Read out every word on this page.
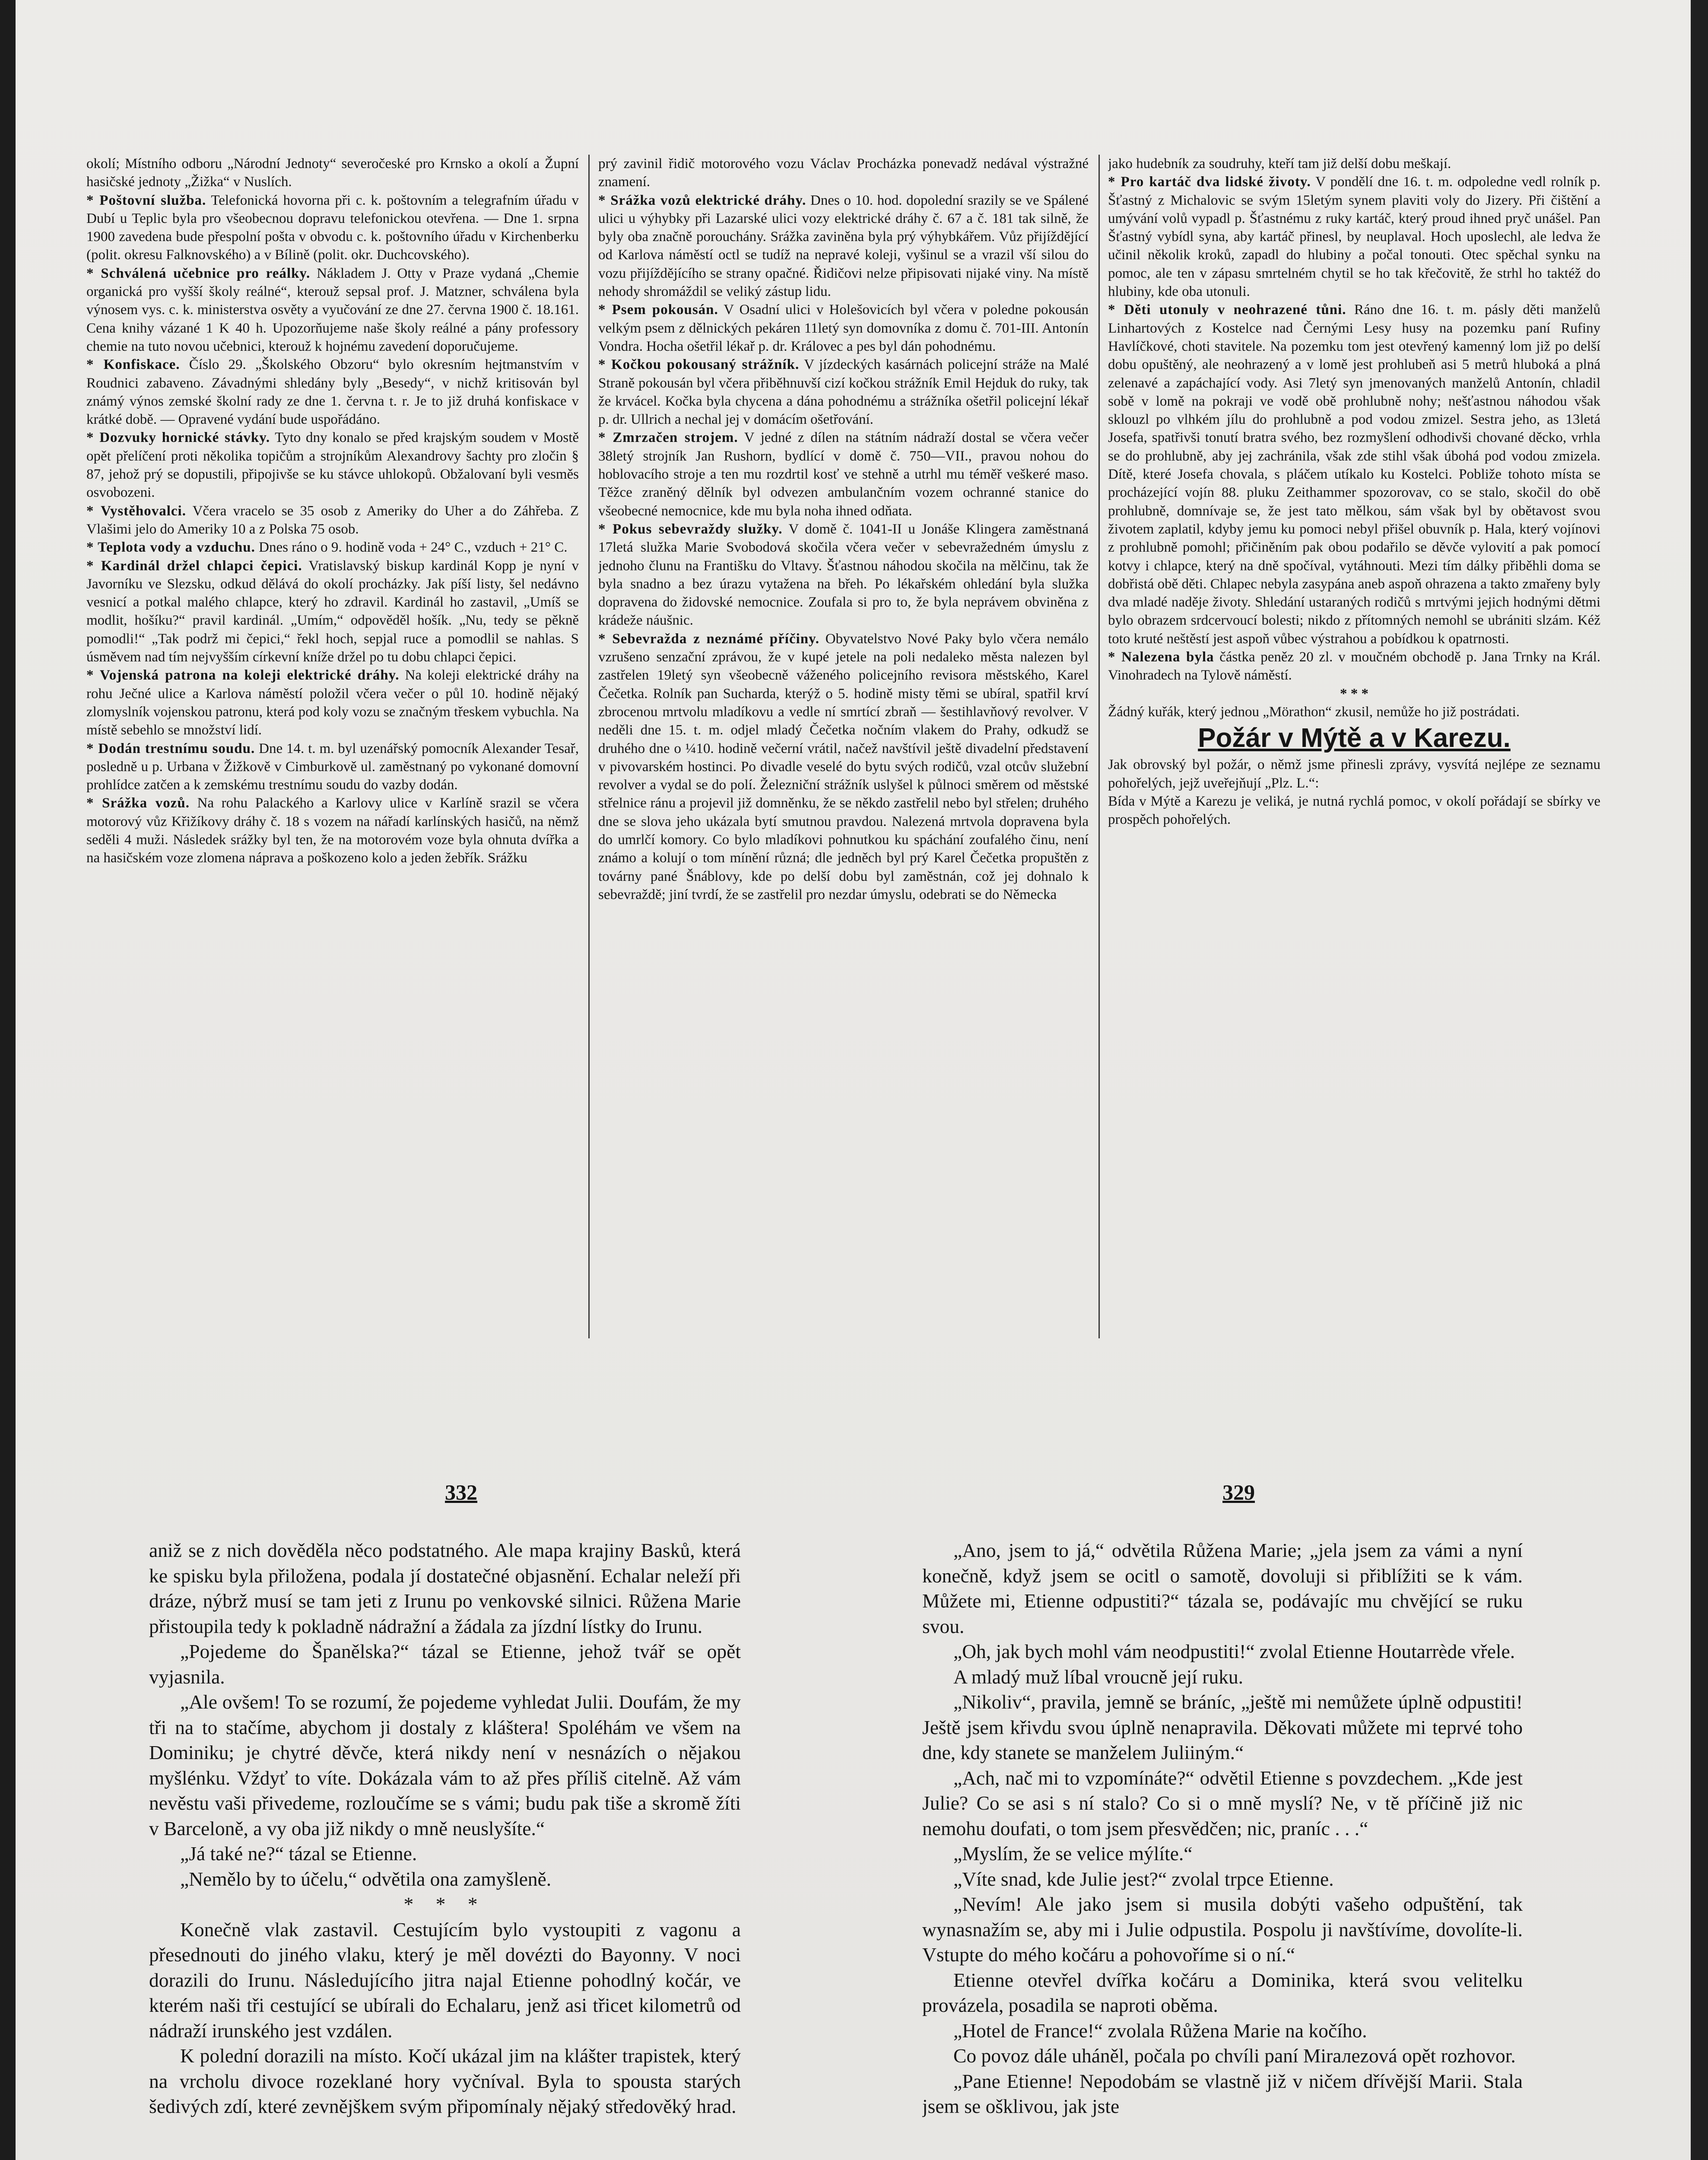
okolí; Místního odboru „Národní Jednoty“ severočeské pro Krnsko a okolí a Župní hasičské jednoty „Žižka“ v Nuslích.

* Poštovní služba. Telefonická hovorna při c. k. poštovním a telegrafním úřadu v Dubí u Teplic byla pro všeobecnou dopravu telefonickou otevřena. — Dne 1. srpna 1900 zavedena bude přespolní pošta v obvodu c. k. poštovního úřadu v Kirchenberku (polit. okresu Falknovského) a v Bílině (polit. okr. Duchcovského).

* Schválená učebnice pro reálky. Nákladem J. Otty v Praze vydaná „Chemie organická pro vyšší školy reálné“, kterouž sepsal prof. J. Matzner, schválena byla výnosem vys. c. k. ministerstva osvěty a vyučování ze dne 27. června 1900 č. 18.161. Cena knihy vázané 1 K 40 h. Upozorňujeme naše školy reálné a pány professory chemie na tuto novou učebnici, kterouž k hojnému zavedení doporučujeme.

* Konfiskace. Číslo 29. „Školského Obzoru“ bylo okresním hejtmanstvím v Roudnici zabaveno. Závadnými shledány byly „Besedy“, v nichž kritisován byl známý výnos zemské školní rady ze dne 1. června t. r. Je to již druhá konfiskace v krátké době. — Opravené vydání bude uspořádáno.

* Dozvuky hornické stávky. Tyto dny konalo se před krajským soudem v Mostě opět přelíčení proti několika topičům a strojníkům Alexandrovy šachty pro zločin § 87, jehož prý se dopustili, připojivše se ku stávce uhlokopů. Obžalovaní byli vesměs osvobozeni.

* Vystěhovalci. Včera vracelo se 35 osob z Ameriky do Uher a do Záhřeba. Z Vlašimi jelo do Ameriky 10 a z Polska 75 osob.

* Teplota vody a vzduchu. Dnes ráno o 9. hodině voda + 24° C., vzduch + 21° C.

* Kardinál držel chlapci čepici. Vratislavský biskup kardinál Kopp je nyní v Javorníku ve Slezsku, odkud dělává do okolí procházky. Jak píší listy, šel nedávno vesnicí a potkal malého chlapce, který ho zdravil. Kardinál ho zastavil, „Umíš se modlit, hošíku?“ pravil kardinál. „Umím,“ odpověděl hošík. „Nu, tedy se pěkně pomodli!“ „Tak podrž mi čepici,“ řekl hoch, sepjal ruce a pomodlil se nahlas. S úsměvem nad tím nejvyšším církevní kníže držel po tu dobu chlapci čepici.

* Vojenská patrona na koleji elektrické dráhy. Na koleji elektrické dráhy na rohu Ječné ulice a Karlova náměstí položil včera večer o půl 10. hodině nějaký zlomyslník vojenskou patronu, která pod koly vozu se značným třeskem vybuchla. Na místě sebehlo se množství lidí.

* Dodán trestnímu soudu. Dne 14. t. m. byl uzenářský pomocník Alexander Tesař, posledně u p. Urbana v Žižkově v Cimburkově ul. zaměstnaný po vykonané domovní prohlídce zatčen a k zemskému trestnímu soudu do vazby dodán.

* Srážka vozů. Na rohu Palackého a Karlovy ulice v Karlíně srazil se včera motorový vůz Křižíkovy dráhy č. 18 s vozem na nářadí karlínských hasičů, na němž seděli 4 muži. Následek srážky byl ten, že na motorovém voze byla ohnuta dvířka a na hasičském voze zlomena náprava a poškozeno kolo a jeden žebřík. Srážku

prý zavinil řidič motorového vozu Václav Procházka ponevadž nedával výstražné znamení.

* Srážka vozů elektrické dráhy. Dnes o 10. hod. dopolední srazily se ve Spálené ulici u výhybky při Lazarské ulici vozy elektrické dráhy č. 67 a č. 181 tak silně, že byly oba značně porouchány. Srážka zaviněna byla prý výhybkářem. Vůz přijíždějící od Karlova náměstí octl se tudíž na nepravé koleji, vyšinul se a vrazil vší silou do vozu přijíždějícího se strany opačné. Řidičovi nelze připisovati nijaké viny. Na místě nehody shromáždil se veliký zástup lidu.

* Psem pokousán. V Osadní ulici v Holešovicích byl včera v poledne pokousán velkým psem z dělnických pekáren 11letý syn domovníka z domu č. 701-III. Antonín Vondra. Hocha ošetřil lékař p. dr. Královec a pes byl dán pohodnému.

* Kočkou pokousaný strážník. V jízdeckých kasárnách policejní stráže na Malé Straně pokousán byl včera přiběhnuvší cizí kočkou strážník Emil Hejduk do ruky, tak že krvácel. Kočka byla chycena a dána pohodnému a strážníka ošetřil policejní lékař p. dr. Ullrich a nechal jej v domácím ošetřování.

* Zmrzačen strojem. V jedné z dílen na státním nádraží dostal se včera večer 38letý strojník Jan Rushorn, bydlící v domě č. 750—VII., pravou nohou do hoblovacího stroje a ten mu rozdrtil kosť ve stehně a utrhl mu téměř veškeré maso. Těžce zraněný dělník byl odvezen ambulančním vozem ochranné stanice do všeobecné nemocnice, kde mu byla noha ihned odňata.

* Pokus sebevraždy služky. V domě č. 1041-II u Jonáše Klingera zaměstnaná 17letá služka Marie Svobodová skočila včera večer v sebevražedném úmyslu z jednoho člunu na Františku do Vltavy. Šťastnou náhodou skočila na mělčinu, tak že byla snadno a bez úrazu vytažena na břeh. Po lékařském ohledání byla služka dopravena do židovské nemocnice. Zoufala si pro to, že byla neprávem obviněna z krádeže náušnic.

* Sebevražda z neznámé příčiny. Obyvatelstvo Nové Paky bylo včera nemálo vzrušeno senzační zprávou, že v kupé jetele na poli nedaleko města nalezen byl zastřelen 19letý syn všeobecně váženého policejního revisora městského, Karel Čečetka. Rolník pan Suchardа, kterýž o 5. hodině misty těmi se ubíral, spatřil krví zbrocenou mrtvolu mladíkovu a vedle ní smrtící zbraň — šestihlavňový revolver. V neděli dne 15. t. m. odjel mladý Čečetka nočním vlakem do Prahy, odkudž se druhého dne o ¼10. hodině večerní vrátil, načež navštívil ještě divadelní představení v pivovarském hostinci. Po divadle veselé do bytu svých rodičů, vzal otcův služební revolver a vydal se do polí. Železniční strážník uslyšel k půlnoci směrem od městské střelnice ránu a projevil již domněnku, že se někdo zastřelil nebo byl střelen; druhého dne se slova jeho ukázala bytí smutnou pravdou. Nalezená mrtvola dopravena byla do umrlčí komory. Co bylo mladíkovi pohnutkou ku spáchání zoufalého činu, není známo a kolují o tom mínění různá; dle jedněch byl prý Karel Čečetka propuštěn z továrny pané Šnáblovy, kde po delší dobu byl zaměstnán, což jej dohnalo k sebevraždě; jiní tvrdí, že se zastřelil pro nezdar úmyslu, odebrati se do Německa

jako hudebník za soudruhy, kteří tam již delší dobu meškají.

* Pro kartáč dva lidské životy. V pondělí dne 16. t. m. odpoledne vedl rolník p. Šťastný z Michalovic se svým 15letým synem plaviti voly do Jizery. Při čištění a umývání volů vypadl p. Šťastnému z ruky kartáč, který proud ihned pryč unášel. Pan Šťastný vybídl syna, aby kartáč přinesl, by neuplaval. Hoch uposlechl, ale ledva že učinil několik kroků, zapadl do hlubiny a počal tonouti. Otec spěchal synku na pomoc, ale ten v zápasu smrtelném chytil se ho tak křečovitě, že strhl ho taktéž do hlubiny, kde oba utonuli.

* Děti utonuly v neohrazené tůni. Ráno dne 16. t. m. pásly děti manželů Linhartových z Kostelce nad Černými Lesy husy na pozemku paní Rufiny Havlíčkové, choti stavitele. Na pozemku tom jest otevřený kamenný lom již po delší dobu opuštěný, ale neohrazený a v lomě jest prohlubeň asi 5 metrů hluboká a plná zelenavé a zapáchající vody. Asi 7letý syn jmenovaných manželů Antonín, chladil sobě v lomě na pokraji ve vodě obě prohlubně nohy; nešťastnou náhodou však sklouzl po vlhkém jílu do prohlubně a pod vodou zmizel. Sestra jeho, as 13letá Josefa, spatřivši tonutí bratra svého, bez rozmyšlení odhodivši chované děcko, vrhla se do prohlubně, aby jej zachránila, však zde stihl však úbohá pod vodou zmizela. Dítě, které Josefa chovala, s pláčem utíkalo ku Kostelci. Pobliže tohoto místa se procházející vojín 88. pluku Zeithammer spozorovav, co se stalo, skočil do obě prohlubně, domnívaje se, že jest tato mělkou, sám však byl by obětavost svou životem zaplatil, kdyby jemu ku pomoci nebyl přišel obuvník p. Hala, který vojínovi z prohlubně pomohl; přičiněním pak obou podařilo se děvče vylovití a pak pomocí kotvy i chlapce, který na dně spočíval, vytáhnouti. Mezi tím dálky přiběhli doma se dobřistá obě děti. Chlapec nebyla zasypána aneb aspoň ohrazena a takto zmařeny byly dva mladé naděje životy. Shledání ustaraných rodičů s mrtvými jejich hodnými dětmi bylo obrazem srdcervoucí bolesti; nikdo z přítomných nemohl se ubrániti slzám. Kéž toto kruté neštěstí jest aspoň vůbec výstrahou a pobídkou k opatrnosti.

* Nalezena byla částka peněz 20 zl. v moučném obchodě p. Jana Trnky na Král. Vinohradech na Tylově náměstí.

* * *

Žádný kuřák, který jednou „Mörathon“ zkusil, nemůže ho již postrádati.

Požár v Mýtě a v Karezu.

Jak obrovský byl požár, o němž jsme přinesli zprávy, vysvítá nejlépe ze seznamu pohořelých, jejž uveřejňují „Plz. L.“:

Bída v Mýtě a Karezu je veliká, je nutná rychlá pomoc, v okolí pořádají se sbírky ve prospěch pohořelých.

332	329

aniž se z nich dověděla něco podstatného. Ale mapa krajiny Basků, která ke spisku byla přiložena, podala jí dostatečné objasnění. Echalar neleží při dráze, nýbrž musí se tam jeti z Irunu po venkovské silnici. Růžena Marie přistoupila tedy k pokladně nádražní a žádala za jízdní lístky do Irunu.

„Pojedeme do Španělska?“ tázal se Etienne, jehož tvář se opět vyjasnila.

„Ale ovšem! To se rozumí, že pojedeme vyhledat Julii. Doufám, že my tři na to stačíme, abychom ji dostaly z kláštera! Spoléhám ve všem na Dominiku; je chytré děvče, která nikdy není v nesnázích o nějakou myšlénku. Vždyť to víte. Dokázala vám to až přes příliš citelně. Až vám nevěstu vaši přivedeme, rozloučíme se s vámi; budu pak tiše a skromě žíti v Barceloně, a vy oba již nikdy o mně neuslyšíte.“

„Já také ne?“ tázal se Etienne.

„Nemělo by to účelu,“ odvětila ona zamyšleně.

* * *

Konečně vlak zastavil. Cestujícím bylo vystoupiti z vagonu a přesednouti do jiného vlaku, který je měl dovézti do Bayonny. V noci dorazili do Irunu. Následujícího jitra najal Etienne pohodlný kočár, ve kterém naši tři cestující se ubírali do Echalaru, jenž asi třicet kilometrů od nádraží irunského jest vzdálen.

K polední dorazili na místo. Kočí ukázal jim na klášter trapistek, který na vrcholu divoce rozeklané hory vyčníval. Byla to spousta starých šedivých zdí, které zevnějškem svým připomínaly nějaký středověký hrad.

„Ano, jsem to já,“ odvětila Růžena Marie; „jela jsem za vámi a nyní konečně, když jsem se ocitl o samotě, dovoluji si přiblížiti se k vám. Můžete mi, Etienne odpustiti?“ tázala se, podávajíc mu chvějící se ruku svou.

„Oh, jak bych mohl vám neodpustiti!“ zvolal Etienne Houtarrède vřele.

A mladý muž líbal vroucně její ruku.

„Nikoliv“, pravila, jemně se bráníc, „ještě mi nemůžete úplně odpustiti! Ještě jsem křivdu svou úplně nenapravila. Děkovati můžete mi teprvé toho dne, kdy stanete se manželem Juliiným.“

„Ach, nač mi to vzpomínáte?“ odvětil Etienne s povzdechem. „Kde jest Julie? Co se asi s ní stalo? Co si o mně myslí? Ne, v tě příčině již nic nemohu doufati, o tom jsem přesvědčen; nic, praníc . . .“

„Myslím, že se velice mýlíte.“

„Víte snad, kde Julie jest?“ zvolal trpce Etienne.

„Nevím! Ale jako jsem si musila dobýti vašeho odpuštění, tak wynasnažím se, aby mi i Julie odpustila. Pospolu ji navštívíme, dovolíte-li. Vstupte do mého kočáru a pohovoříme si o ní.“

Etienne otevřel dvířka kočáru a Dominika, která svou velitelku provázela, posadila se naproti oběma.

„Hotel de France!“ zvolala Růžena Marie na kočího.

Co povoz dále uháněl, počala po chvíli paní Mirалezová opět rozhovor.

„Pane Etienne! Nepodobám se vlastně již v ničem dřívější Marii. Stala jsem se ošklivou, jak jste
